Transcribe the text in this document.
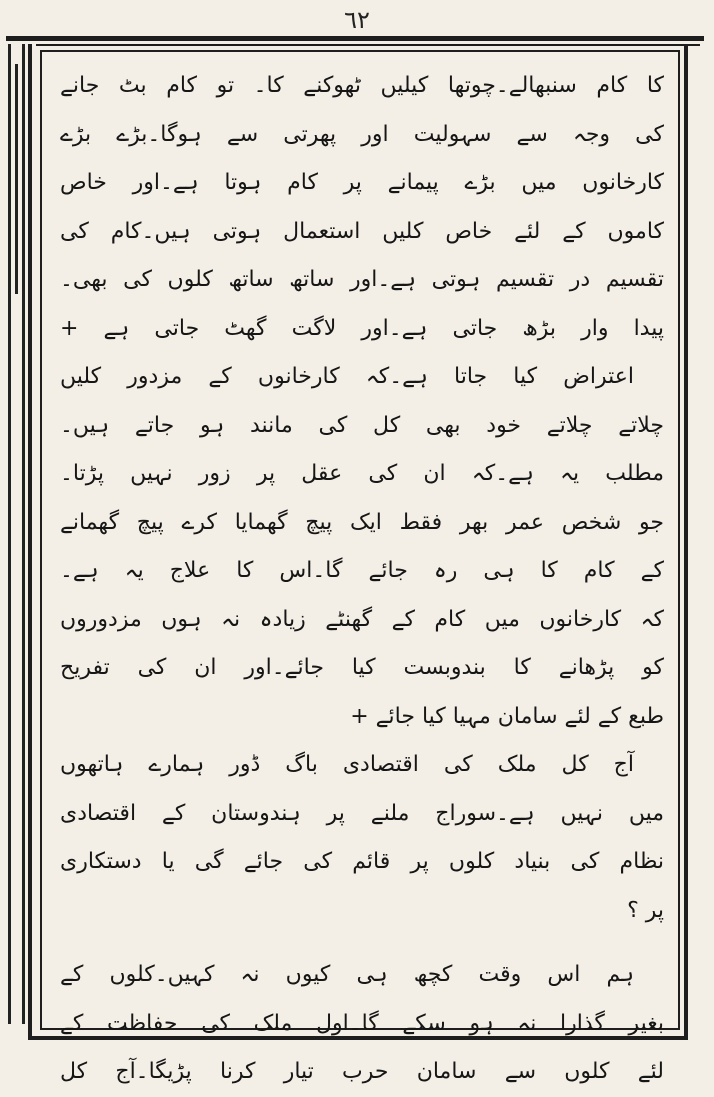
٦٢
کا کام سنبھالے۔چوتھا کیلیں ٹھوکنے کا۔ تو کام بٹ جانے
کی وجہ سے سہولیت اور پھرتی سے ہوگا۔بڑے بڑے
کارخانوں میں بڑے پیمانے پر کام ہوتا ہے۔اور خاص
کاموں کے لئے خاص کلیں استعمال ہوتی ہیں۔کام کی
تقسیم در تقسیم ہوتی ہے۔اور ساتھ ساتھ کلوں کی بھی۔
پیدا وار بڑھ جاتی ہے۔اور لاگت گھٹ جاتی ہے +
اعتراض کیا جاتا ہے۔کہ کارخانوں کے مزدور کلیں
چلاتے چلاتے خود بھی کل کی مانند ہو جاتے ہیں۔
مطلب یہ ہے۔کہ ان کی عقل پر زور نہیں پڑتا۔
جو شخص عمر بھر فقط ایک پیچ گھمایا کرے پیچ گھمانے
کے کام کا ہی رہ جائے گا۔اس کا علاج یہ ہے۔
کہ کارخانوں میں کام کے گھنٹے زیادہ نہ ہوں مزدوروں
کو پڑھانے کا بندوبست کیا جائے۔اور ان کی تفریح
طبع کے لئے سامان مہیا کیا جائے +
آج کل ملک کی اقتصادی باگ ڈور ہمارے ہاتھوں
میں نہیں ہے۔سوراج ملنے پر ہندوستان کے اقتصادی
نظام کی بنیاد کلوں پر قائم کی جائے گی یا دستکاری
پر ؟
ہم اس وقت کچھ ہی کیوں نہ کہیں۔کلوں کے
بغیر گذارا نہ ہو سکے گا۔اول ملک کی حفاظت کے
لئے کلوں سے سامان حرب تیار کرنا پڑیگا۔آج کل
